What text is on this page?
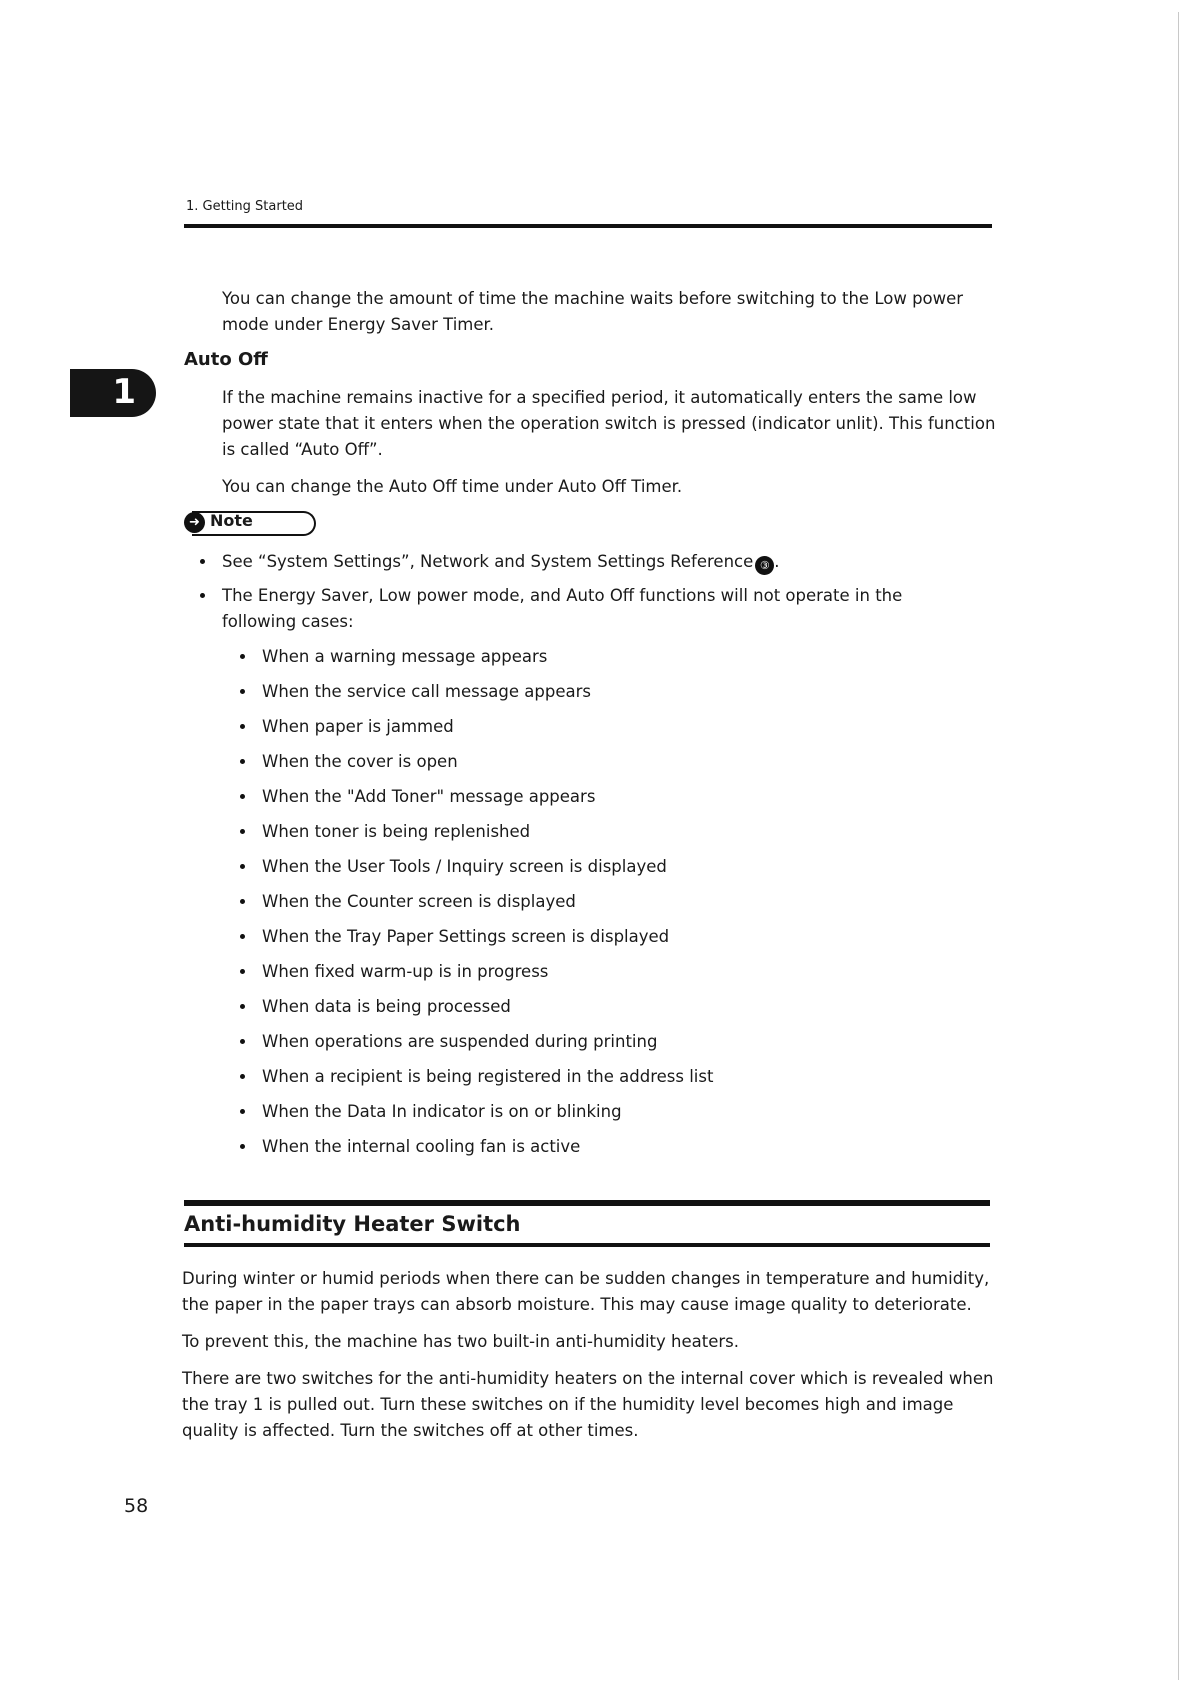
1. Getting Started
1
You can change the amount of time the machine waits before switching to the Low power mode under Energy Saver Timer.
Auto Off
If the machine remains inactive for a specified period, it automatically enters the same low power state that it enters when the operation switch is pressed (indicator unlit). This function is called “Auto Off”.
You can change the Auto Off time under Auto Off Timer.
➜ Note
See “System Settings”, Network and System Settings Reference ③ .
The Energy Saver, Low power mode, and Auto Off functions will not operate in the following cases:
When a warning message appears
When the service call message appears
When paper is jammed
When the cover is open
When the "Add Toner" message appears
When toner is being replenished
When the User Tools / Inquiry screen is displayed
When the Counter screen is displayed
When the Tray Paper Settings screen is displayed
When fixed warm-up is in progress
When data is being processed
When operations are suspended during printing
When a recipient is being registered in the address list
When the Data In indicator is on or blinking
When the internal cooling fan is active
Anti-humidity Heater Switch
During winter or humid periods when there can be sudden changes in temperature and humidity, the paper in the paper trays can absorb moisture. This may cause image quality to deteriorate.
To prevent this, the machine has two built-in anti-humidity heaters.
There are two switches for the anti-humidity heaters on the internal cover which is revealed when the tray 1 is pulled out. Turn these switches on if the humidity level becomes high and image quality is affected. Turn the switches off at other times.
58
